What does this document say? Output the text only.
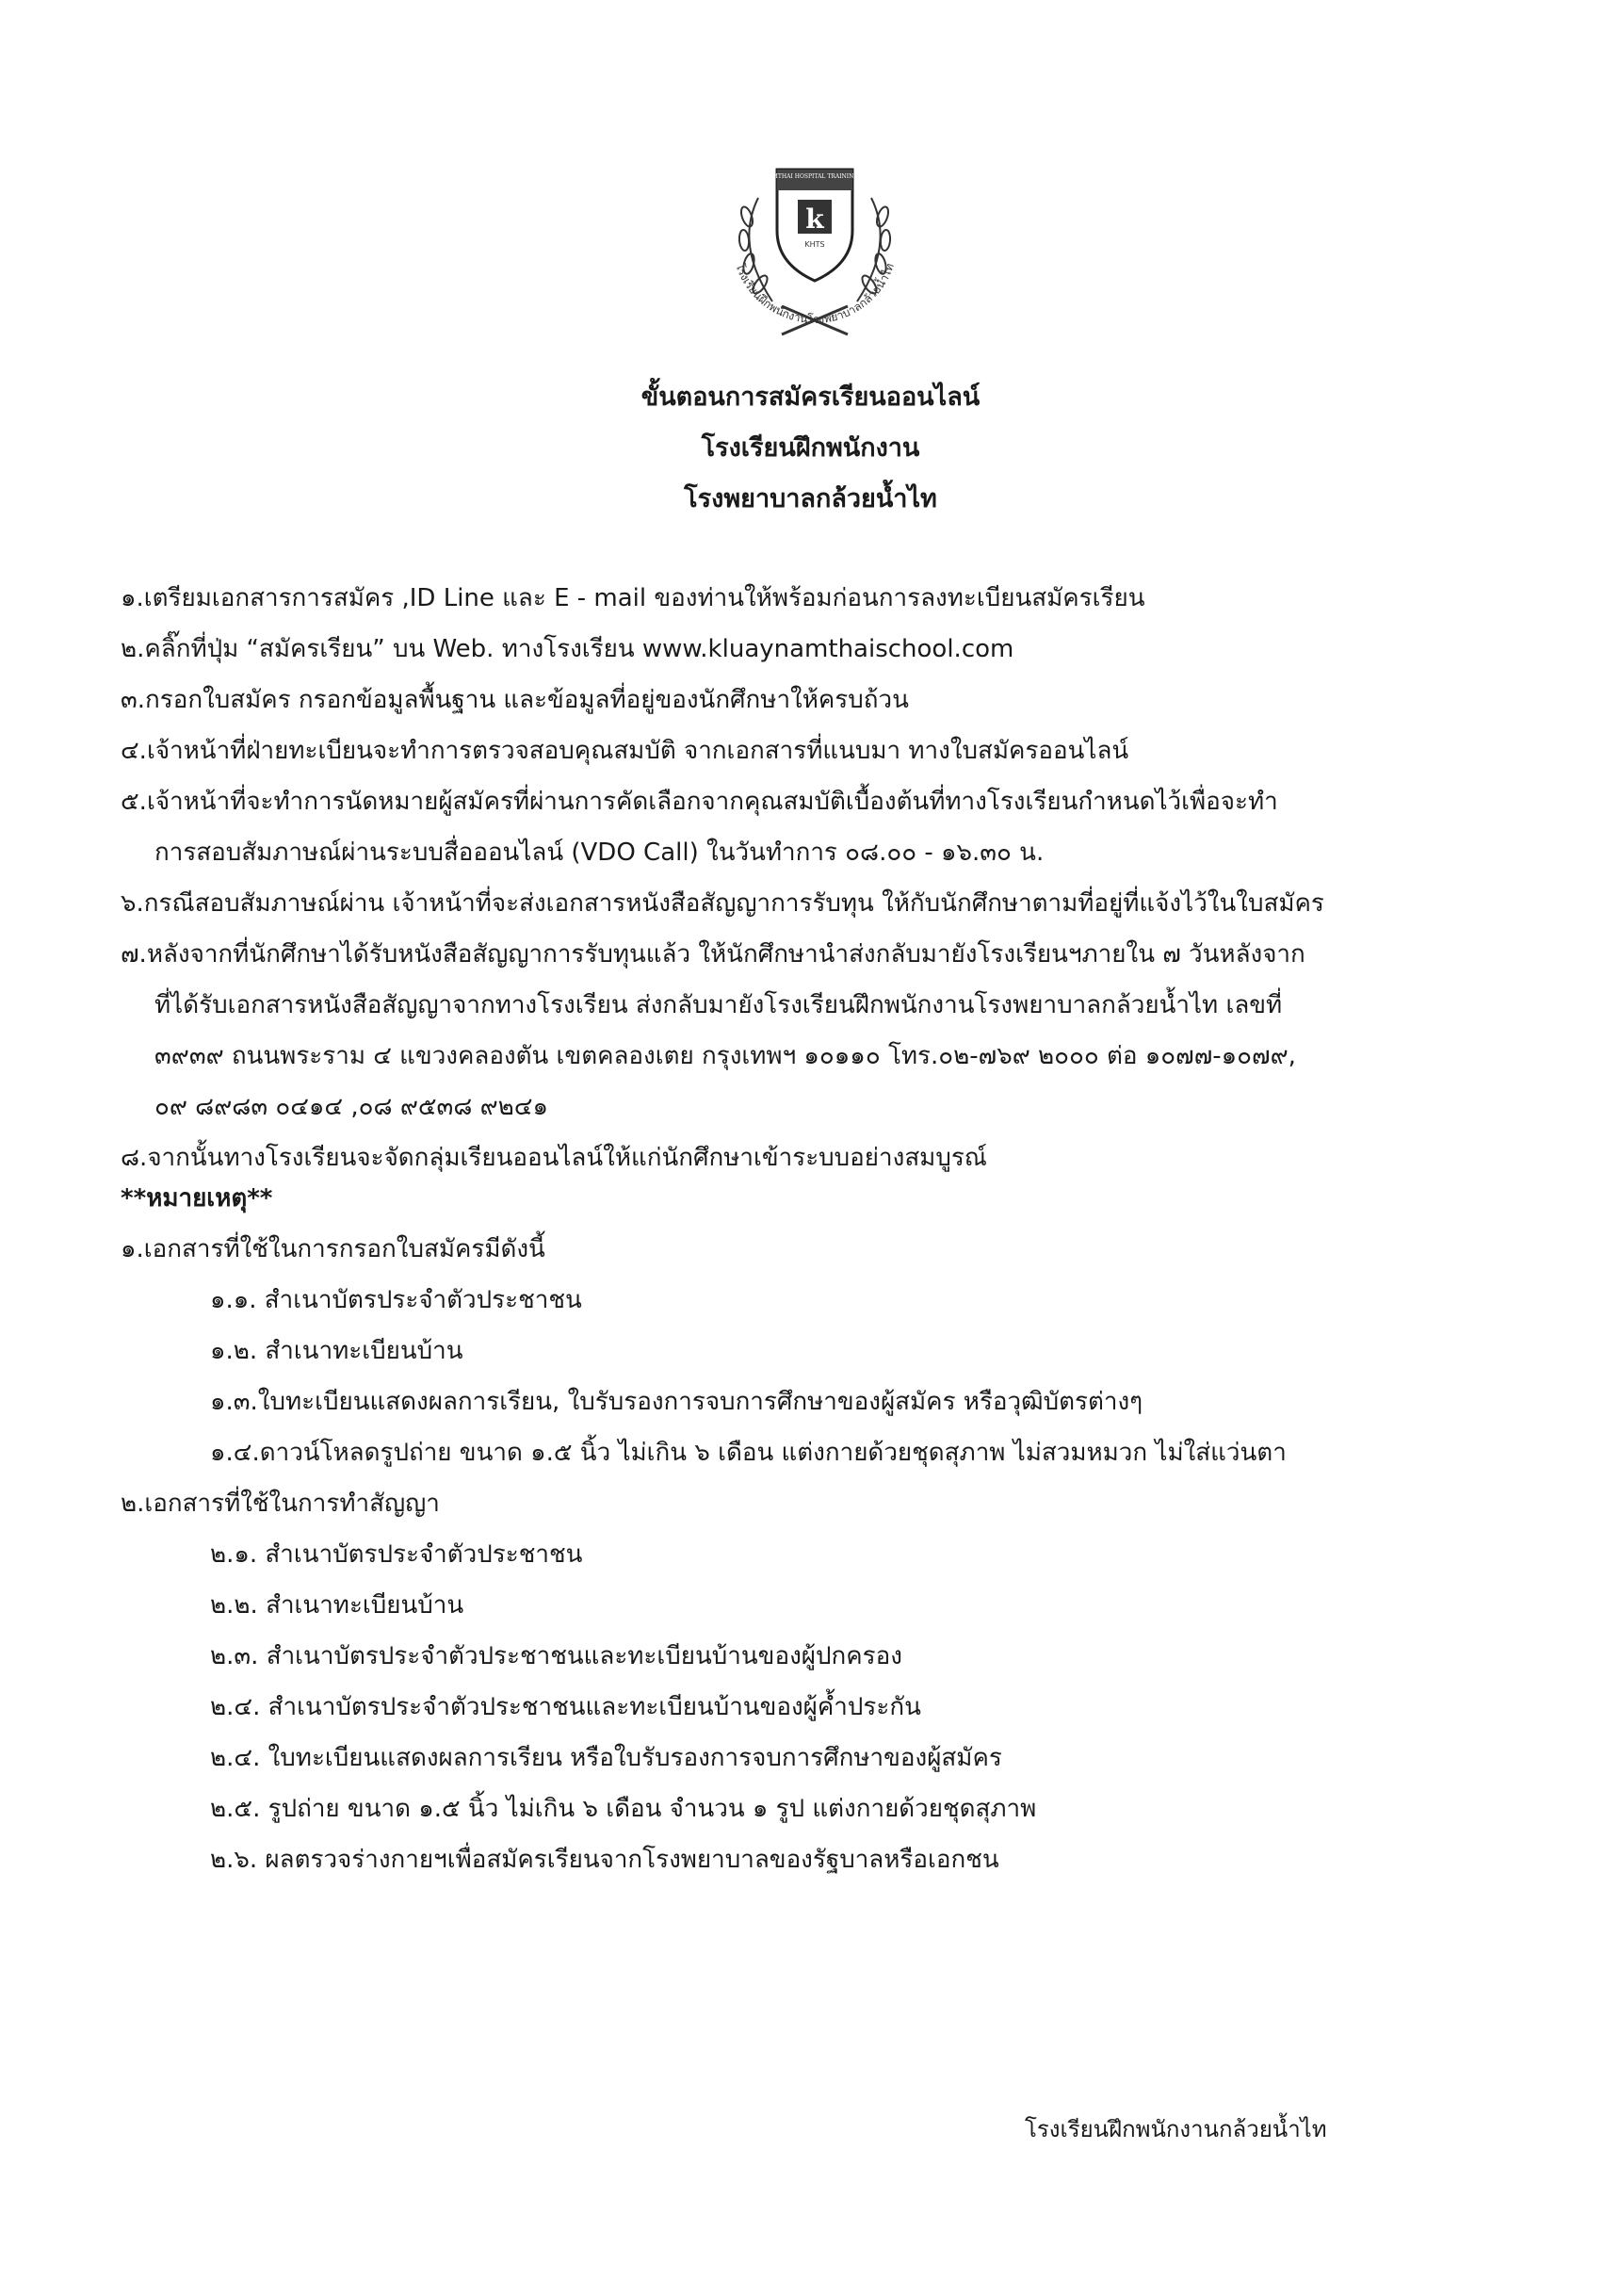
KLUAYNAMTHAI HOSPITAL TRAINING SCHOOL
k
KHTS
โรงเรียนฝึกพนักงานโรงพยาบาลกล้วยน้ำไท
ขั้นตอนการสมัครเรียนออนไลน์
โรงเรียนฝึกพนักงาน
โรงพยาบาลกล้วยน้ำไท
๑.เตรียมเอกสารการสมัคร ,ID Line และ E - mail ของท่านให้พร้อมก่อนการลงทะเบียนสมัครเรียน
๒.คลิ๊กที่ปุ่ม “สมัครเรียน” บน Web. ทางโรงเรียน www.kluaynamthaischool.com
๓.กรอกใบสมัคร กรอกข้อมูลพื้นฐาน และข้อมูลที่อยู่ของนักศึกษาให้ครบถ้วน
๔.เจ้าหน้าที่ฝ่ายทะเบียนจะทำการตรวจสอบคุณสมบัติ จากเอกสารที่แนบมา ทางใบสมัครออนไลน์
๕.เจ้าหน้าที่จะทำการนัดหมายผู้สมัครที่ผ่านการคัดเลือกจากคุณสมบัติเบื้องต้นที่ทางโรงเรียนกำหนดไว้เพื่อจะทำ
การสอบสัมภาษณ์ผ่านระบบสื่อออนไลน์ (VDO Call) ในวันทำการ ๐๘.๐๐ - ๑๖.๓๐ น.
๖.กรณีสอบสัมภาษณ์ผ่าน เจ้าหน้าที่จะส่งเอกสารหนังสือสัญญาการรับทุน ให้กับนักศึกษาตามที่อยู่ที่แจ้งไว้ในใบสมัคร
๗.หลังจากที่นักศึกษาได้รับหนังสือสัญญาการรับทุนแล้ว ให้นักศึกษานำส่งกลับมายังโรงเรียนฯภายใน ๗ วันหลังจาก
ที่ได้รับเอกสารหนังสือสัญญาจากทางโรงเรียน ส่งกลับมายังโรงเรียนฝึกพนักงานโรงพยาบาลกล้วยน้ำไท เลขที่
๓๙๓๙ ถนนพระราม ๔ แขวงคลองตัน เขตคลองเตย กรุงเทพฯ ๑๐๑๑๐ โทร.๐๒-๗๖๙ ๒๐๐๐ ต่อ ๑๐๗๗-๑๐๗๙,
๐๙ ๘๙๘๓ ๐๔๑๔ ,๐๘ ๙๕๓๘ ๙๒๔๑
๘.จากนั้นทางโรงเรียนจะจัดกลุ่มเรียนออนไลน์ให้แก่นักศึกษาเข้าระบบอย่างสมบูรณ์
**หมายเหตุ**
๑.เอกสารที่ใช้ในการกรอกใบสมัครมีดังนี้
๑.๑. สำเนาบัตรประจำตัวประชาชน
๑.๒. สำเนาทะเบียนบ้าน
๑.๓.ใบทะเบียนแสดงผลการเรียน, ใบรับรองการจบการศึกษาของผู้สมัคร หรือวุฒิบัตรต่างๆ
๑.๔.ดาวน์โหลดรูปถ่าย ขนาด ๑.๕ นิ้ว ไม่เกิน ๖ เดือน แต่งกายด้วยชุดสุภาพ ไม่สวมหมวก ไม่ใส่แว่นตา
๒.เอกสารที่ใช้ในการทำสัญญา
๒.๑. สำเนาบัตรประจำตัวประชาชน
๒.๒. สำเนาทะเบียนบ้าน
๒.๓. สำเนาบัตรประจำตัวประชาชนและทะเบียนบ้านของผู้ปกครอง
๒.๔. สำเนาบัตรประจำตัวประชาชนและทะเบียนบ้านของผู้ค้ำประกัน
๒.๔. ใบทะเบียนแสดงผลการเรียน หรือใบรับรองการจบการศึกษาของผู้สมัคร
๒.๕. รูปถ่าย ขนาด ๑.๕ นิ้ว ไม่เกิน ๖ เดือน จำนวน ๑ รูป แต่งกายด้วยชุดสุภาพ
๒.๖. ผลตรวจร่างกายฯเพื่อสมัครเรียนจากโรงพยาบาลของรัฐบาลหรือเอกชน
โรงเรียนฝึกพนักงานกล้วยน้ำไท
